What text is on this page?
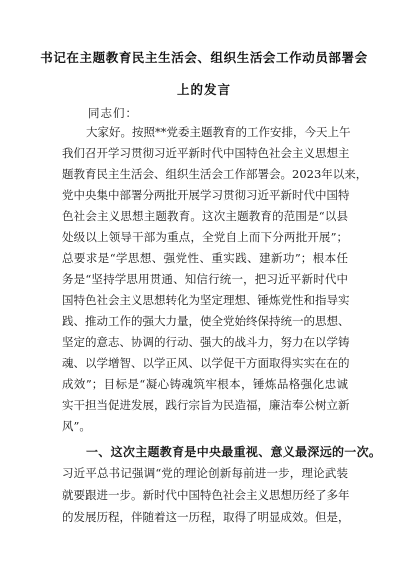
书记在主题教育民主生活会、组织生活会工作动员部署会
上的发言
同志们：
大家好。按照**党委主题教育的工作安排，今天上午
我们召开学习贯彻习近平新时代中国特色社会主义思想主
题教育民主生活会、组织生活会工作部署会。2023年以来，
党中央集中部署分两批开展学习贯彻习近平新时代中国特
色社会主义思想主题教育。这次主题教育的范围是“以县
处级以上领导干部为重点，全党自上而下分两批开展”；
总要求是“学思想、强党性、重实践、建新功”；根本任
务是“坚持学思用贯通、知信行统一，把习近平新时代中
国特色社会主义思想转化为坚定理想、锤炼党性和指导实
践、推动工作的强大力量，使全党始终保持统一的思想、
坚定的意志、协调的行动、强大的战斗力，努力在以学铸
魂、以学增智、以学正风、以学促干方面取得实实在在的
成效”；目标是“凝心铸魂筑牢根本，锤炼品格强化忠诚
实干担当促进发展，践行宗旨为民造福，廉洁奉公树立新
风”。
一、这次主题教育是中央最重视、意义最深远的一次。
习近平总书记强调“党的理论创新每前进一步，理论武装
就要跟进一步。新时代中国特色社会主义思想历经了多年
的发展历程，伴随着这一历程，取得了明显成效。但是，
